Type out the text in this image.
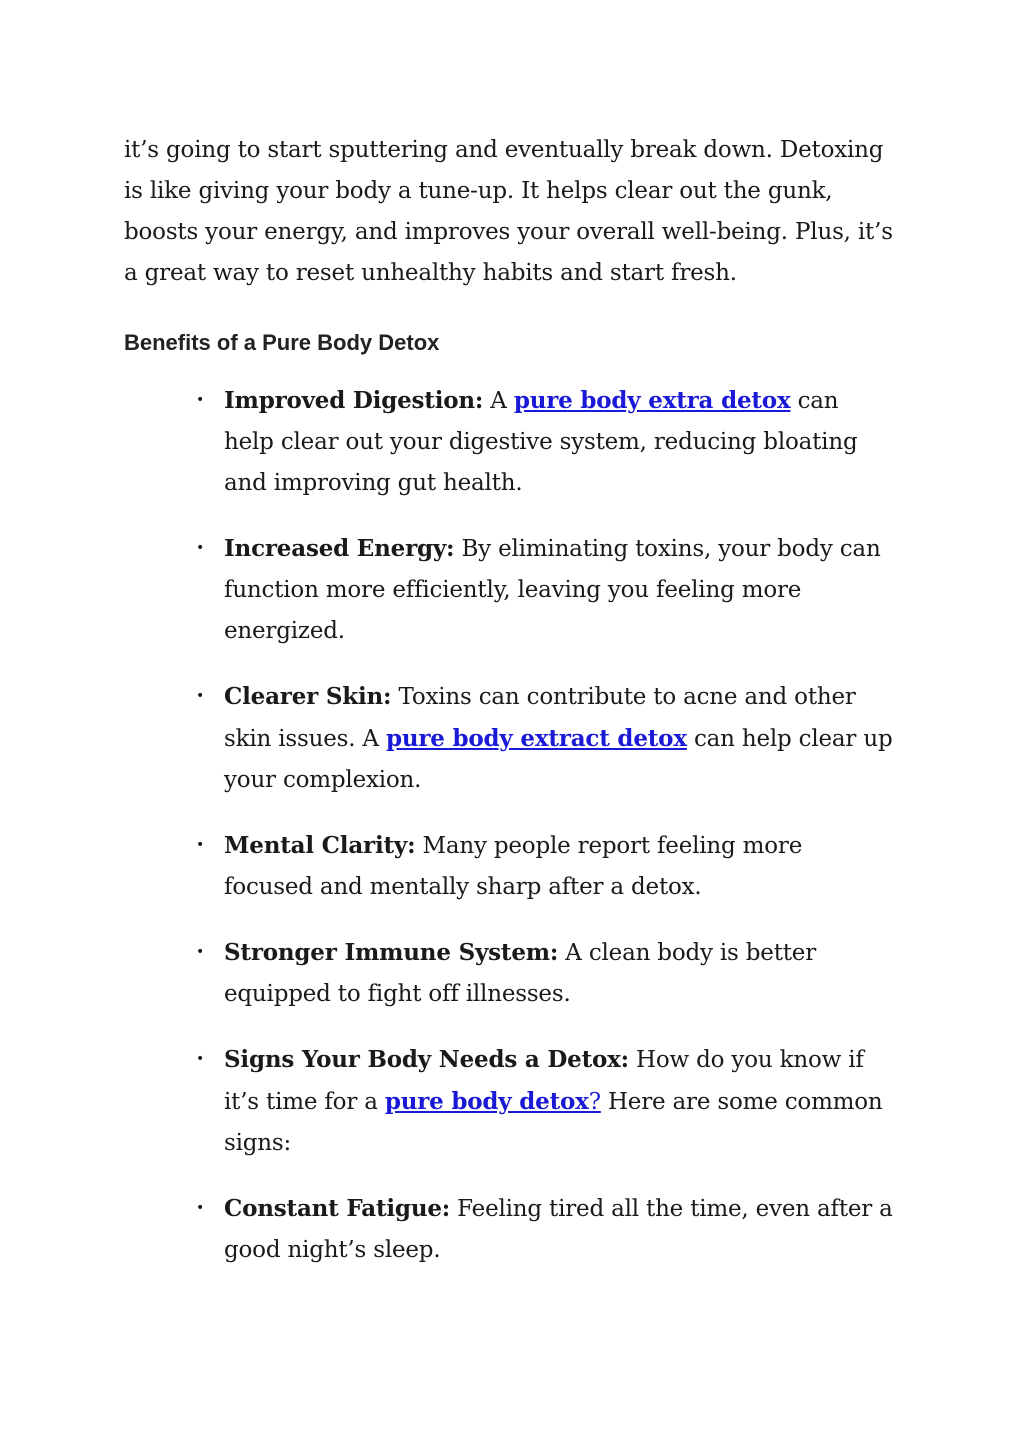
it’s going to start sputtering and eventually break down. Detoxing is like giving your body a tune-up. It helps clear out the gunk, boosts your energy, and improves your overall well-being. Plus, it’s a great way to reset unhealthy habits and start fresh.

Benefits of a Pure Body Detox
• Improved Digestion: A pure body extra detox can help clear out your digestive system, reducing bloating and improving gut health.
• Increased Energy: By eliminating toxins, your body can function more efficiently, leaving you feeling more energized.
• Clearer Skin: Toxins can contribute to acne and other skin issues. A pure body extract detox can help clear up your complexion.
• Mental Clarity: Many people report feeling more focused and mentally sharp after a detox.
• Stronger Immune System: A clean body is better equipped to fight off illnesses.
• Signs Your Body Needs a Detox: How do you know if it’s time for a pure body detox? Here are some common signs:
• Constant Fatigue: Feeling tired all the time, even after a good night’s sleep.
